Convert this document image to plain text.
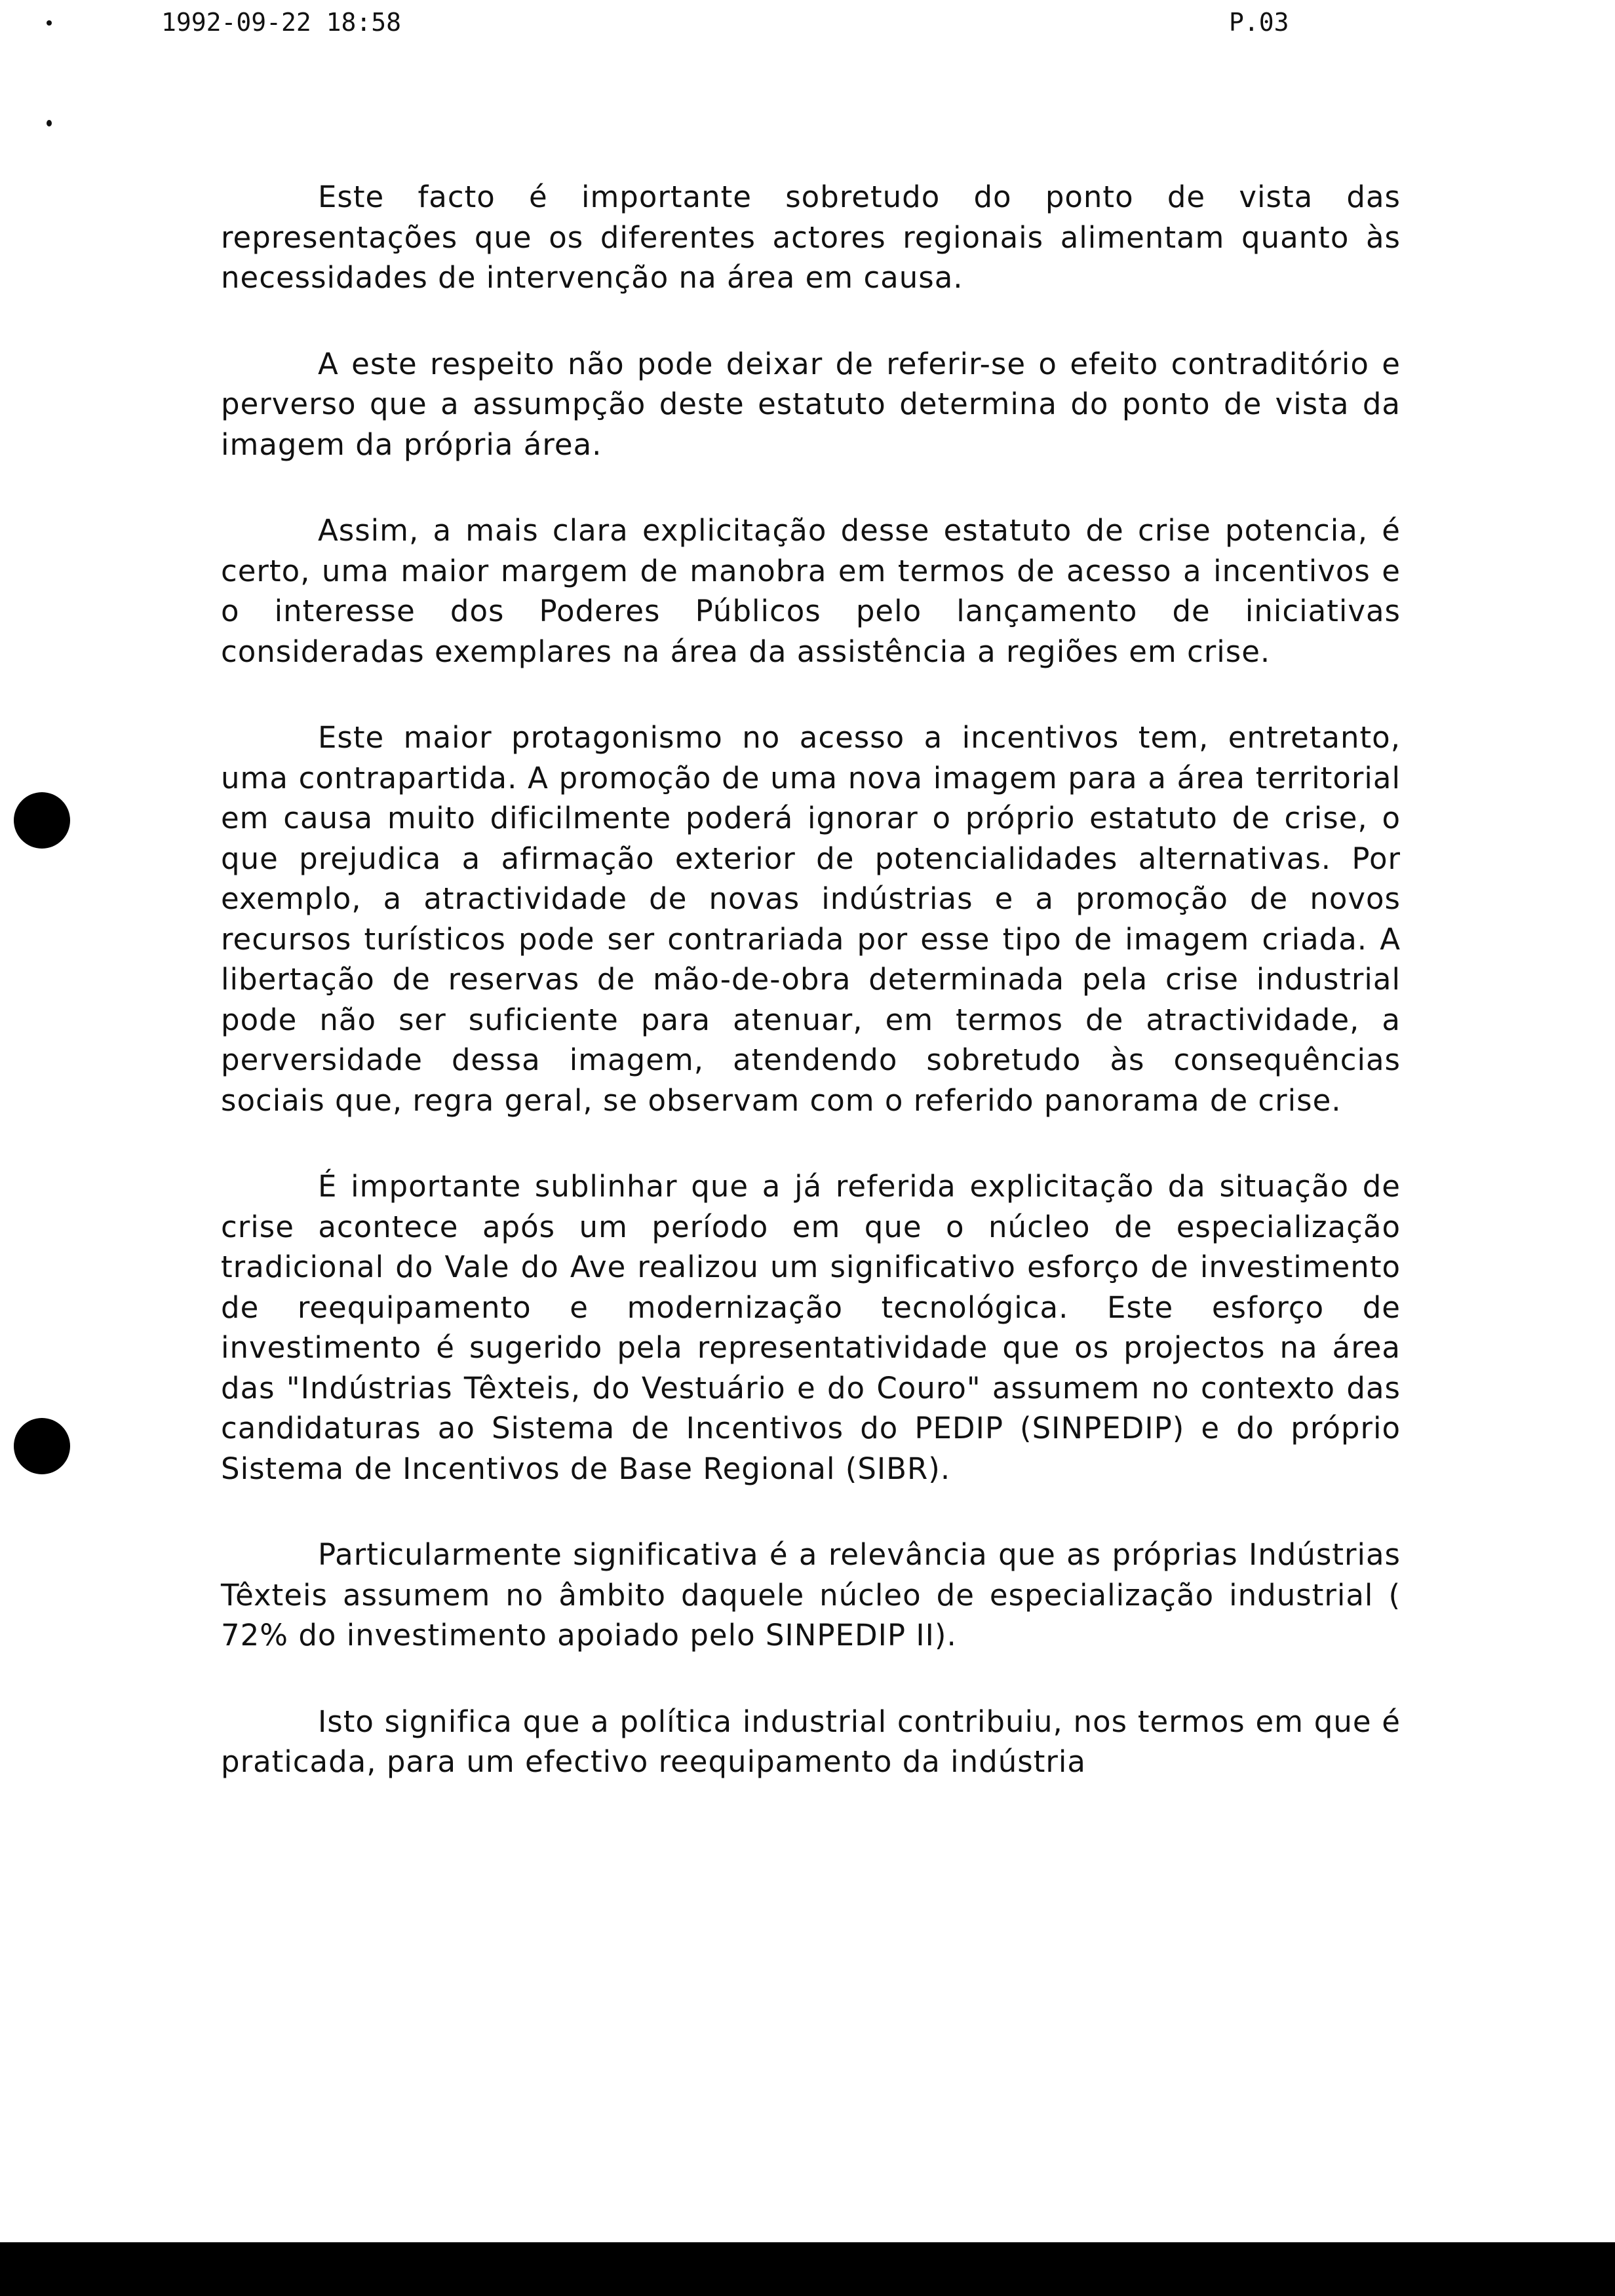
1992-09-22 18:58	P.03

Este facto é importante sobretudo do ponto de vista das representações que os diferentes actores regionais alimentam quanto às necessidades de intervenção na área em causa.

A este respeito não pode deixar de referir-se o efeito contraditório e perverso que a assumpção deste estatuto determina do ponto de vista da imagem da própria área.

Assim, a mais clara explicitação desse estatuto de crise potencia, é certo, uma maior margem de manobra em termos de acesso a incentivos e o interesse dos Poderes Públicos pelo lançamento de iniciativas consideradas exemplares na área da assistência a regiões em crise.

Este maior protagonismo no acesso a incentivos tem, entretanto, uma contrapartida. A promoção de uma nova imagem para a área territorial em causa muito dificilmente poderá ignorar o próprio estatuto de crise, o que prejudica a afirmação exterior de potencialidades alternativas. Por exemplo, a atractividade de novas indústrias e a promoção de novos recursos turísticos pode ser contrariada por esse tipo de imagem criada. A libertação de reservas de mão-de-obra determinada pela crise industrial pode não ser suficiente para atenuar, em termos de atractividade, a perversidade dessa imagem, atendendo sobretudo às consequências sociais que, regra geral, se observam com o referido panorama de crise.

É importante sublinhar que a já referida explicitação da situação de crise acontece após um período em que o núcleo de especialização tradicional do Vale do Ave realizou um significativo esforço de investimento de reequipamento e modernização tecnológica. Este esforço de investimento é sugerido pela representatividade que os projectos na área das "Indústrias Têxteis, do Vestuário e do Couro" assumem no contexto das candidaturas ao Sistema de Incentivos do PEDIP (SINPEDIP) e do próprio Sistema de Incentivos de Base Regional (SIBR).

Particularmente significativa é a relevância que as próprias Indústrias Têxteis assumem no âmbito daquele núcleo de especialização industrial ( 72% do investimento apoiado pelo SINPEDIP II).

Isto significa que a política industrial contribuiu, nos termos em que é praticada, para um efectivo reequipamento da indústria
